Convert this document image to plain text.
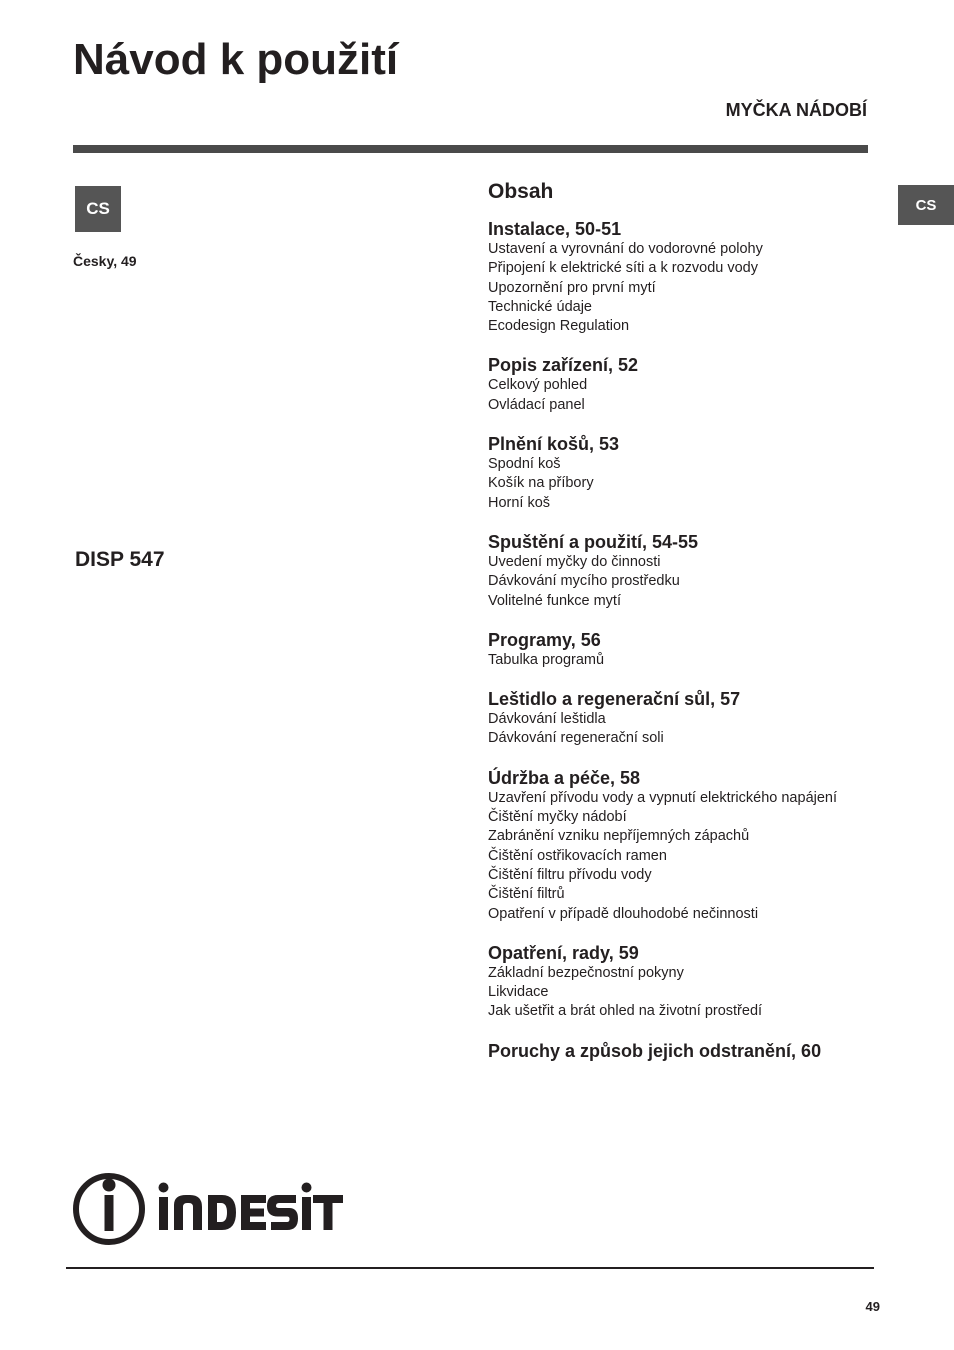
Návod k použití
MYČKA NÁDOBÍ
CS	CS
Česky, 49
DISP 547
Obsah
Instalace, 50-51
Ustavení a vyrovnání do vodorovné polohy
Připojení k elektrické síti a k rozvodu vody
Upozornění pro první mytí
Technické údaje
Ecodesign Regulation
Popis zařízení, 52
Celkový pohled
Ovládací panel
Plnění košů, 53
Spodní koš
Košík na příbory
Horní koš
Spuštění a použití, 54-55
Uvedení myčky do činnosti
Dávkování mycího prostředku
Volitelné funkce mytí
Programy, 56
Tabulka programů
Leštidlo a regenerační sůl, 57
Dávkování leštidla
Dávkování regenerační soli
Údržba a péče, 58
Uzavření přívodu vody a vypnutí elektrického napájení
Čištění myčky nádobí
Zabránění vzniku nepříjemných zápachů
Čištění ostřikovacích ramen
Čištění filtru přívodu vody
Čištění filtrů
Opatření v případě dlouhodobé nečinnosti
Opatření, rady, 59
Základní bezpečnostní pokyny
Likvidace
Jak ušetřit a brát ohled na životní prostředí
Poruchy a způsob jejich odstranění, 60
49
